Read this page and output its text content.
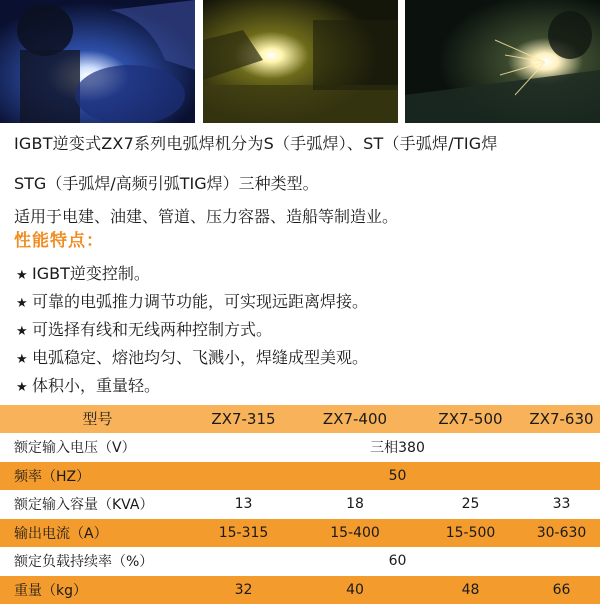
IGBT逆变式ZX7系列电弧焊机分为S（手弧焊）、ST（手弧焊/TIG焊
STG（手弧焊/高频引弧TIG焊）三种类型。
适用于电建、油建、管道、压力容器、造船等制造业。
性能特点：
★ IGBT逆变控制。
★ 可靠的电弧推力调节功能，可实现远距离焊接。
★ 可选择有线和无线两种控制方式。
★ 电弧稳定、熔池均匀、飞溅小，焊缝成型美观。
★ 体积小，重量轻。
型号	ZX7-315	ZX7-400	ZX7-500	ZX7-630
额定输入电压（V）	三相380			
频率（HZ）	50			
额定输入容量（KVA）	13	18	25	33
输出电流（A）	15-315	15-400	15-500	30-630
额定负载持续率（%）	60			
重量（kg）	32	40	48	66
